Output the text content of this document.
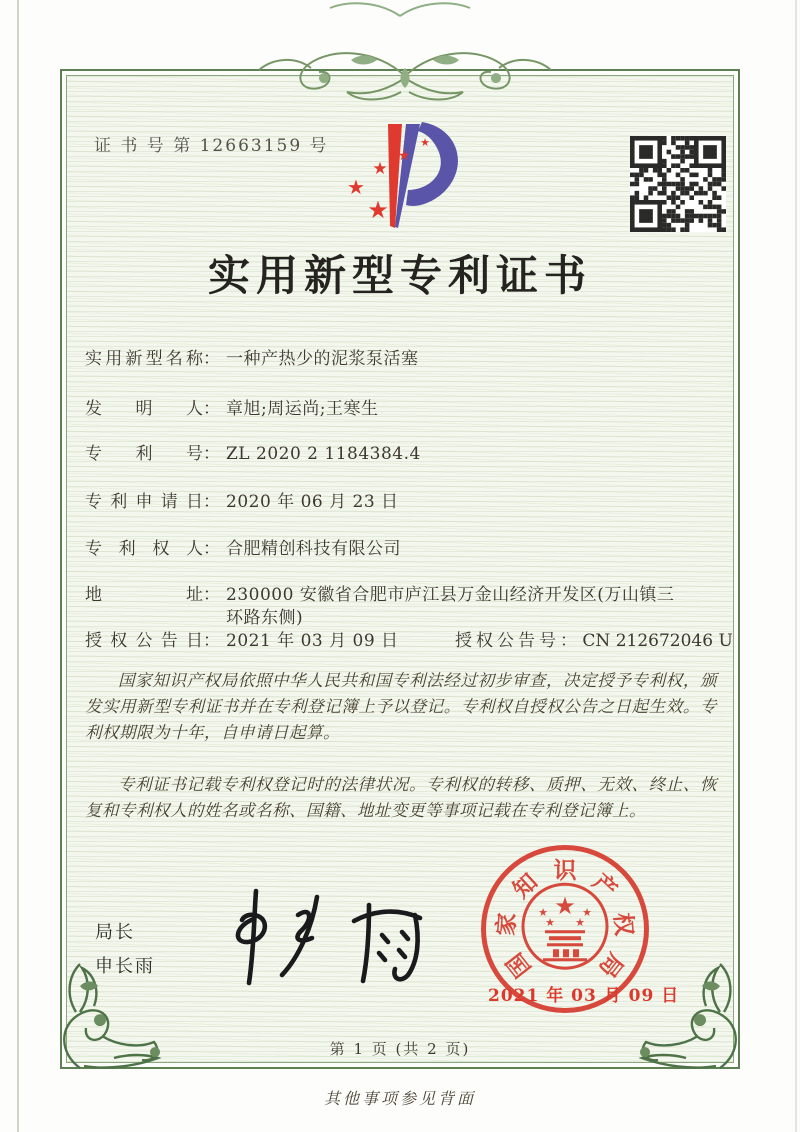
证 书 号 第 12663159 号	★
★
★
★
★
实用新型专利证书
实用新型名称： 一种产热少的泥浆泵活塞
发明人： 章旭;周运尚;王寒生
专利号： ZL 2020 2 1184384.4
专利申请日： 2020 年 06 月 23 日
专利权人： 合肥精创科技有限公司
地址： 230000 安徽省合肥市庐江县万金山经济开发区(万山镇三环路东侧)
授权公告日： 2021 年 03 月 09 日	授权公告号： CN 212672046 U
国家知识产权局依照中华人民共和国专利法经过初步审查，决定授予专利权，颁发实用新型专利证书并在专利登记簿上予以登记。专利权自授权公告之日起生效。专利权期限为十年，自申请日起算。
专利证书记载专利权登记时的法律状况。专利权的转移、质押、无效、终止、恢复和专利权人的姓名或名称、国籍、地址变更等事项记载在专利登记簿上。
局长
申长雨	国
家
知 识 产
权
局
★
★	★
★ ★
2021 年 03 月 09 日
第 1 页 (共 2 页)
其他事项参见背面
